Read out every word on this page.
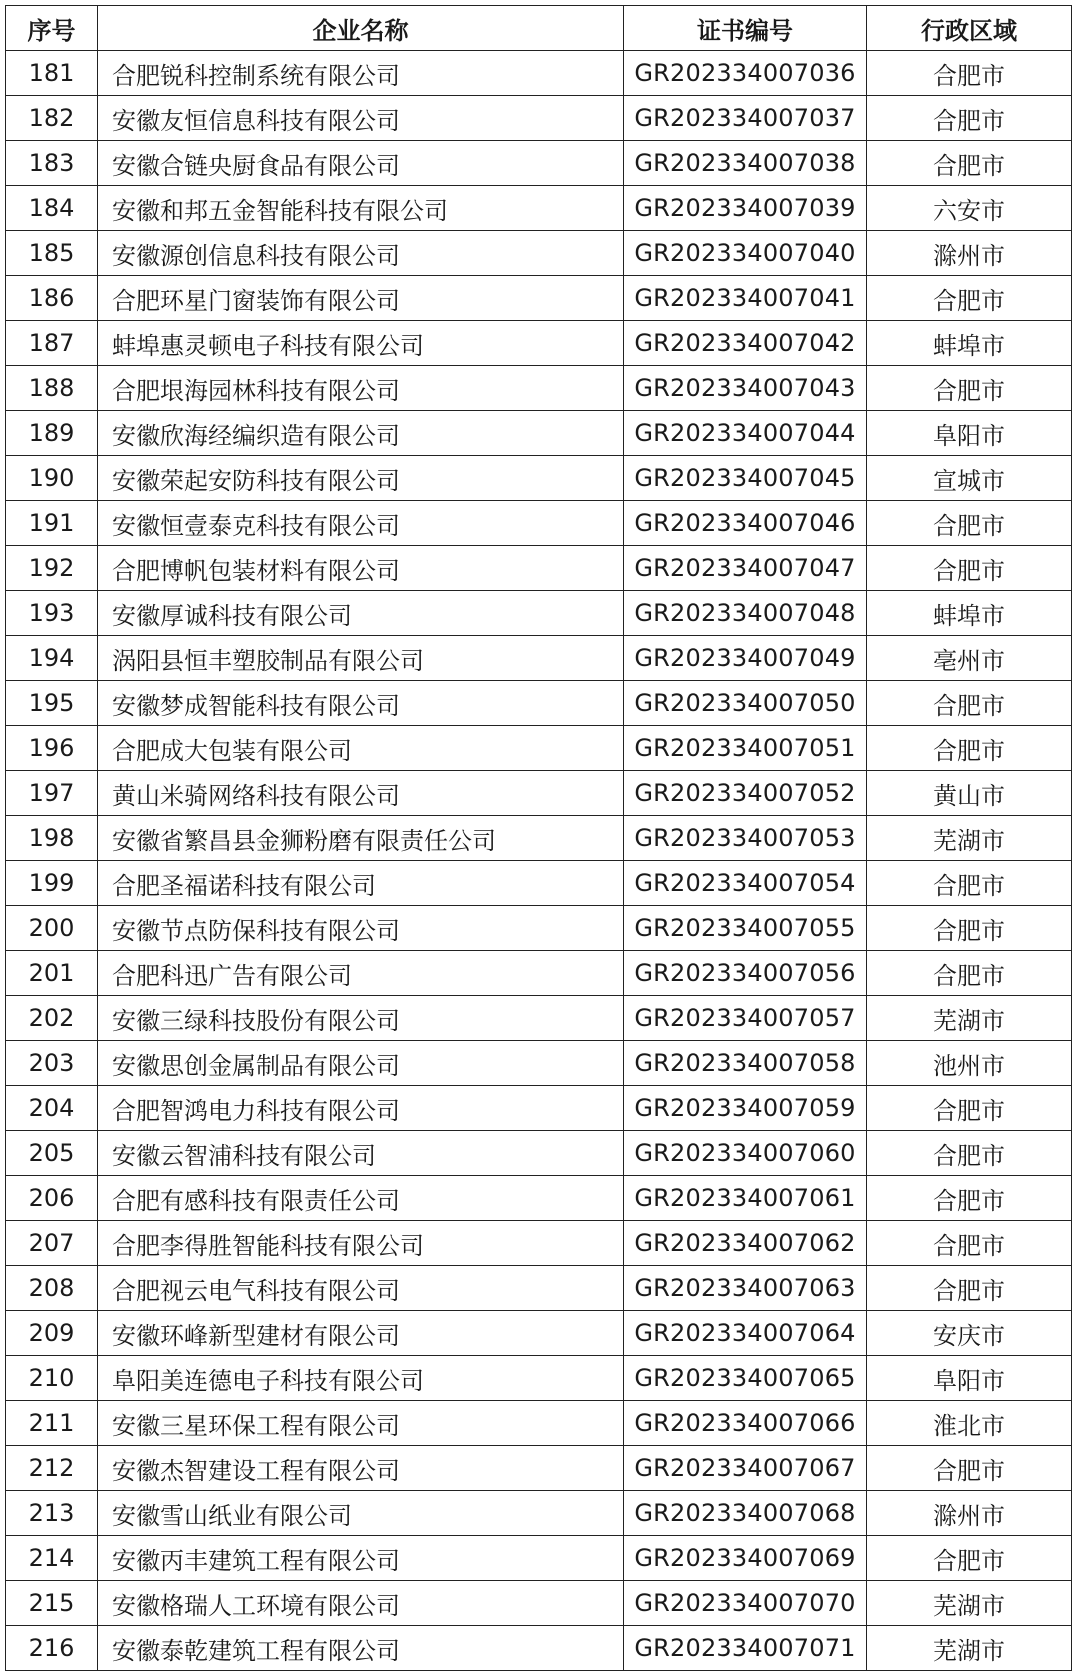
序号	企业名称	证书编号	行政区域
181	合肥锐科控制系统有限公司	GR202334007036	合肥市
182	安徽友恒信息科技有限公司	GR202334007037	合肥市
183	安徽合链央厨食品有限公司	GR202334007038	合肥市
184	安徽和邦五金智能科技有限公司	GR202334007039	六安市
185	安徽源创信息科技有限公司	GR202334007040	滁州市
186	合肥环星门窗装饰有限公司	GR202334007041	合肥市
187	蚌埠惠灵顿电子科技有限公司	GR202334007042	蚌埠市
188	合肥垠海园林科技有限公司	GR202334007043	合肥市
189	安徽欣海经编织造有限公司	GR202334007044	阜阳市
190	安徽荣起安防科技有限公司	GR202334007045	宣城市
191	安徽恒壹泰克科技有限公司	GR202334007046	合肥市
192	合肥博帆包装材料有限公司	GR202334007047	合肥市
193	安徽厚诚科技有限公司	GR202334007048	蚌埠市
194	涡阳县恒丰塑胶制品有限公司	GR202334007049	亳州市
195	安徽梦成智能科技有限公司	GR202334007050	合肥市
196	合肥成大包装有限公司	GR202334007051	合肥市
197	黄山米骑网络科技有限公司	GR202334007052	黄山市
198	安徽省繁昌县金狮粉磨有限责任公司	GR202334007053	芜湖市
199	合肥圣福诺科技有限公司	GR202334007054	合肥市
200	安徽节点防保科技有限公司	GR202334007055	合肥市
201	合肥科迅广告有限公司	GR202334007056	合肥市
202	安徽三绿科技股份有限公司	GR202334007057	芜湖市
203	安徽思创金属制品有限公司	GR202334007058	池州市
204	合肥智鸿电力科技有限公司	GR202334007059	合肥市
205	安徽云智浦科技有限公司	GR202334007060	合肥市
206	合肥有感科技有限责任公司	GR202334007061	合肥市
207	合肥李得胜智能科技有限公司	GR202334007062	合肥市
208	合肥视云电气科技有限公司	GR202334007063	合肥市
209	安徽环峰新型建材有限公司	GR202334007064	安庆市
210	阜阳美连德电子科技有限公司	GR202334007065	阜阳市
211	安徽三星环保工程有限公司	GR202334007066	淮北市
212	安徽杰智建设工程有限公司	GR202334007067	合肥市
213	安徽雪山纸业有限公司	GR202334007068	滁州市
214	安徽丙丰建筑工程有限公司	GR202334007069	合肥市
215	安徽格瑞人工环境有限公司	GR202334007070	芜湖市
216	安徽泰乾建筑工程有限公司	GR202334007071	芜湖市
